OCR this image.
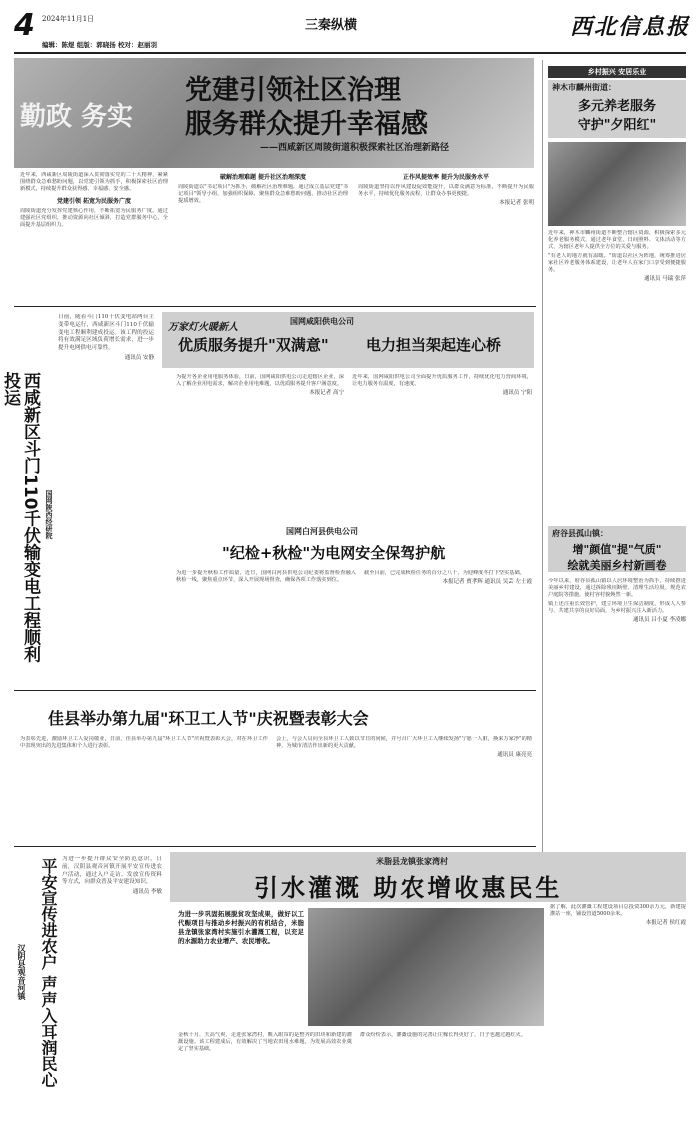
4 2024年11月1日	三秦纵横	西北信息报
编辑：陈煜 组版：郭晓扬 校对：赵丽羽
勤政 务实
党建引领社区治理
服务群众提升幸福感
——西咸新区周陵街道积极探索社区治理新路径
近年来，西咸新区周陵街道深入贯彻落实党的二十大精神，紧紧围绕群众急难愁盼问题，以党建引领为抓手，积极探索社区治理新模式，持续提升群众获得感、幸福感、安全感。
党建引领 拓宽为民服务广度
周陵街道充分发挥党建核心作用，不断拓宽为民服务广度。通过建强社区党组织，推动资源向社区倾斜，打造党群服务中心，全面提升基层组织力。
破解治理难题 提升社区治理深度
周陵街道以"书记项目"为抓手，破解社区治理难题。通过成立基层党建"书记项目"领导小组，加强组织保障，聚焦群众急难愁盼问题，推动社区治理提质增效。
正作风提效率 提升为民服务水平
周陵街道坚持以作风建设促效能提升，以群众满意为标准，不断提升为民服务水平，持续优化服务流程，让群众办事更便捷。
本报记者 张明
乡村振兴 安居乐业
神木市麟州街道：
多元养老服务
守护"夕阳红"
近年来，神木市麟州街道不断整合辖区资源，积极探索多元化养老服务模式，通过老年食堂、日间照料、文体活动等方式，为辖区老年人提供全方位的关爱与服务。
"有老人的地方就有温暖。"街道以社区为阵地，统筹推进居家社区养老服务体系建设，让老年人在家门口享受到便捷服务。
通讯员 马瑞 张萍
府谷县孤山镇：
增"颜值"提"气质"
绘就美丽乡村新画卷
今年以来，府谷县孤山镇以人居环境整治为抓手，持续推进美丽乡村建设，通过拆除残垣断壁、清理生活垃圾、规范农户庭院等措施，使村容村貌焕然一新。
镇上还注重长效管护，建立环境卫生保洁制度，形成人人参与、共建共享的良好局面，为乡村振兴注入新活力。
通讯员 吕小夏 李凌娜
西咸新区斗门110千伏输变电工程顺利投运
国网陕西经研院
日前，随着斗门110千伏变电站两台主变带电运行，西咸新区斗门110千伏输变电工程顺利建成投运。该工程的投运将有效满足区域负荷增长需求，进一步提升电网供电可靠性。
通讯员 安静
万家灯火暖新人
国网咸阳供电公司
优质服务提升"双满意" 电力担当架起连心桥
为提升各企业用电服务体验，日前，国网咸阳供电公司走进辖区企业，深入了解企业用电需求，解决企业用电难题，以优质服务提升客户满意度。
本报记者 高宁
近年来，国网咸阳供电公司全面提升优质服务工作，持续优化电力营商环境，让电力服务有温度、有速度。
通讯员 宁阳
国网白河县供电公司
"纪检+秋检"为电网安全保驾护航
为进一步提升秋检工作质量，近日，国网白河县供电公司纪委将监督检查融入秋检一线，聚焦重点环节，深入开展现场督查，确保各项工作落实到位。
截至目前，已完成秋检任务的百分之八十，为迎峰度冬打下坚实基础。
本报记者 贾孝辉 通讯员 吴芸 左士霞
佳县举办第九届"环卫工人节"庆祝暨表彰大会
为表彰先进，激励环卫工人爱岗敬业，日前，佳县举办第九届"环卫工人节"庆祝暨表彰大会，对在环卫工作中表现突出的先进集体和个人进行表彰。
会上，与会人员向全县环卫工人致以节日的问候，并号召广大环卫工人继续发扬"宁愿一人脏，换来万家净"的精神，为城市清洁作出新的更大贡献。
通讯员 康亮亮
平安宣传进农户 声声入耳润民心
汉阴县观音河镇
为进一步提升群众安全防范意识，日前，汉阴县观音河镇开展平安宣传进农户活动，通过入户走访、发放宣传资料等方式，向群众普及平安建设知识。
通讯员 李敏
米脂县龙镇张家湾村
引水灌溉 助农增收惠民生
为进一步巩固拓展脱贫攻坚成果，做好以工代赈项目与推动乡村振兴的有机结合，米脂县龙镇张家湾村实施引水灌溉工程，以充足的水源助力农业增产、农民增收。
金秋十月，天高气爽，走进张家湾村，映入眼帘的是整齐的田块和新建的灌溉设施。该工程建成后，有效解决了当地农田用水难题，为发展高效农业奠定了坚实基础。
群众纷纷表示，灌溉设施的完善让庄稼长得更好了，日子也越过越红火。
据了解，此次灌溉工程建设项目总投资300余万元，新建提灌站一座，铺设管道5000余米。
本报记者 侯红霞
